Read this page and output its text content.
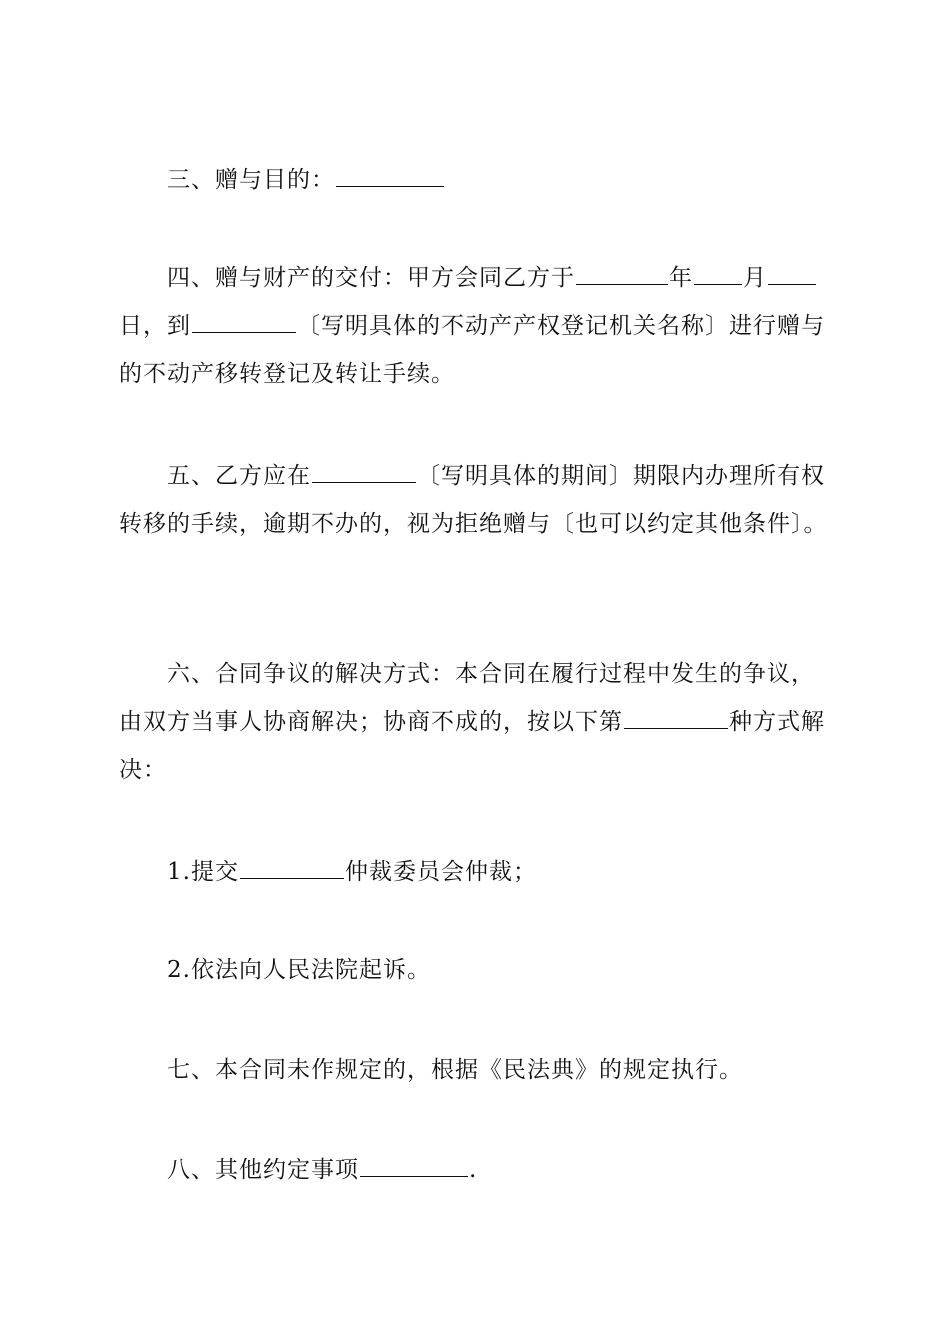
三、赠与目的：

四、赠与财产的交付：甲方会同乙方于	年 月
日，到	〔写明具体的不动产产权登记机关名称〕进行赠与
的不动产移转登记及转让手续。

五、乙方应在	〔写明具体的期间〕期限内办理所有权
转移的手续，逾期不办的，视为拒绝赠与〔也可以约定其他条件〕。

六、合同争议的解决方式：本合同在履行过程中发生的争议，
由双方当事人协商解决；协商不成的，按以下第	种方式解
决：

1.提交	仲裁委员会仲裁；

2.依法向人民法院起诉。

七、本合同未作规定的，根据《民法典》的规定执行。

八、其他约定事项	.
